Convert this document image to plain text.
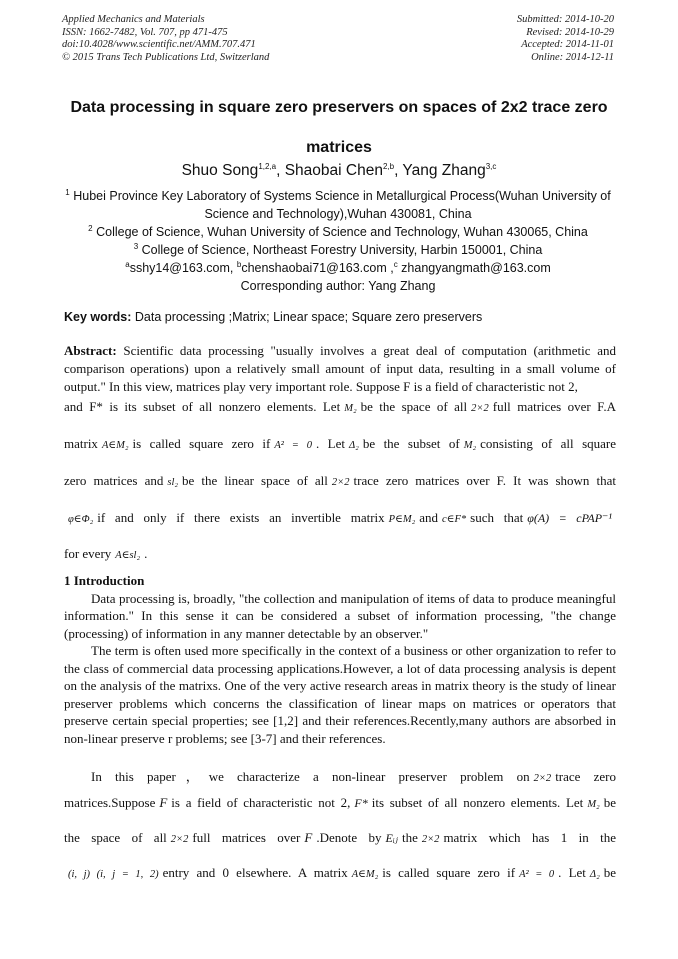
Applied Mechanics and Materials
ISSN: 1662-7482, Vol. 707, pp 471-475
doi:10.4028/www.scientific.net/AMM.707.471
© 2015 Trans Tech Publications Ltd, Switzerland
Submitted: 2014-10-20
Revised: 2014-10-29
Accepted: 2014-11-01
Online: 2014-12-11
Data processing in square zero preservers on spaces of 2x2 trace zero matrices
Shuo Song$^{1,2,a}$, Shaobai Chen$^{2,b}$, Yang Zhang$^{3,c}$
$^1$ Hubei Province Key Laboratory of Systems Science in Metallurgical Process(Wuhan University of Science and Technology),Wuhan 430081, China
$^2$ College of Science, Wuhan University of Science and Technology, Wuhan 430065, China
$^3$ College of Science, Northeast Forestry University, Harbin 150001, China
$^a$sshy14@163.com, $^b$chenshaobai71@163.com ,$^c$ zhangyangmath@163.com
Corresponding author: Yang Zhang
Key words: Data processing ;Matrix; Linear space; Square zero preservers
Abstract: Scientific data processing "usually involves a great deal of computation (arithmetic and comparison operations) upon a relatively small amount of input data, resulting in a small volume of output." In this view, matrices play very important role. Suppose F is a field of characteristic not 2,
and F* is its subset of all nonzero elements. Let M₂ be the space of all 2×2 full matrices over F.A
matrix A∈M₂ is called square zero if A² = 0 . Let Δ₂ be the subset of M₂ consisting of all square
zero matrices and sl₂ be the linear space of all 2×2 trace zero matrices over F. It was shown that
φ∈Φ₂ if and only if there exists an invertible matrix P∈M₂ and c∈F* such that φ(A) = cPAP⁻¹
for every A∈sl₂ .
1 Introduction
Data processing is, broadly, "the collection and manipulation of items of data to produce meaningful information." In this sense it can be considered a subset of information processing, "the change (processing) of information in any manner detectable by an observer."
The term is often used more specifically in the context of a business or other organization to refer to the class of commercial data processing applications.However, a lot of data processing analysis is depent on the analysis of the matrixs. One of the very active research areas in matrix theory is the study of linear preserver problems which concerns the classification of linear maps on matrices or operators that preserve certain special properties; see [1,2] and their references.Recently,many authors are absorbed in non-linear preserve r problems; see [3-7] and their references.
In this paper，we characterize a non-linear preserver problem on 2×2 trace zero
matrices.Suppose F is a field of characteristic not 2, F* its subset of all nonzero elements. Let M₂ be
the space of all 2×2 full matrices over F .Denote by Eᵢⱼ the 2×2 matrix which has 1 in the
(i, j) (i, j = 1, 2) entry and 0 elsewhere. A matrix A∈M₂ is called square zero if A² = 0 . Let Δ₂ be
